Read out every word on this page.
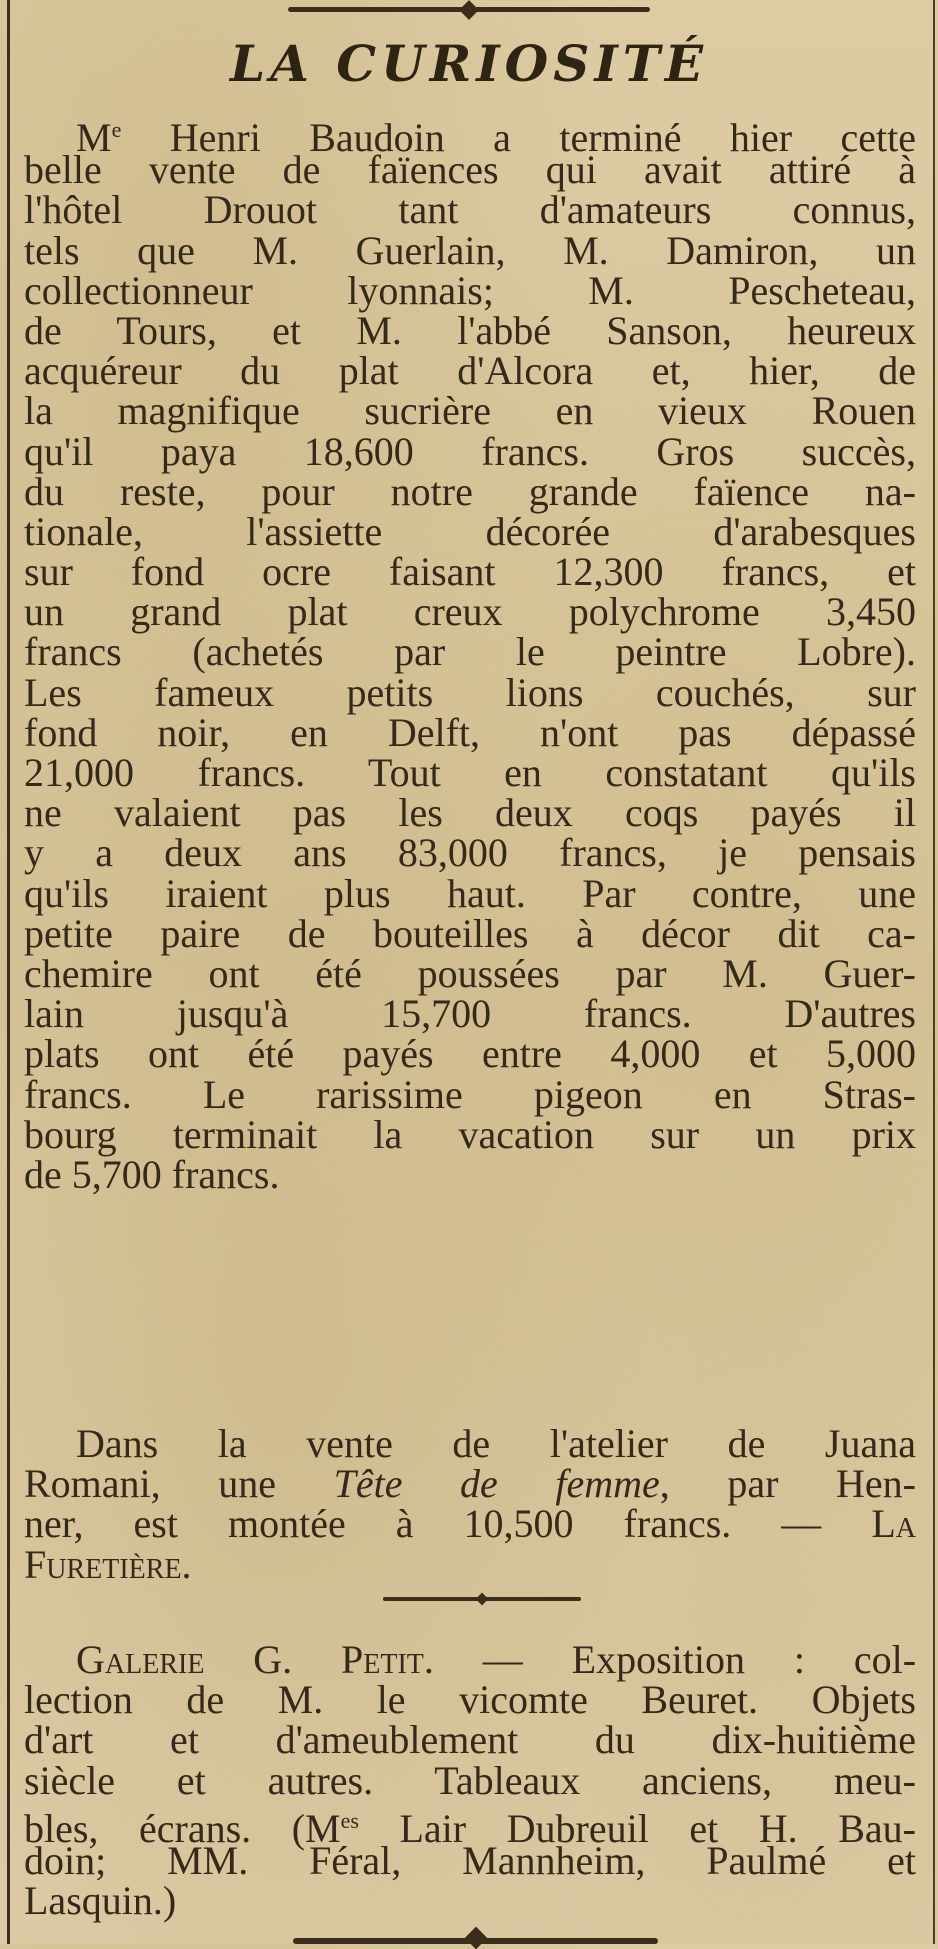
LA CURIOSITÉ
Me Henri Baudoin a terminé hier cette
belle vente de faïences qui avait attiré à
l'hôtel Drouot tant d'amateurs connus,
tels que M. Guerlain, M. Damiron, un
collectionneur lyonnais; M. Pescheteau,
de Tours, et M. l'abbé Sanson, heureux
acquéreur du plat d'Alcora et, hier, de
la magnifique sucrière en vieux Rouen
qu'il paya 18,600 francs. Gros succès,
du reste, pour notre grande faïence na-
tionale, l'assiette décorée d'arabesques
sur fond ocre faisant 12,300 francs, et
un grand plat creux polychrome 3,450
francs (achetés par le peintre Lobre).
Les fameux petits lions couchés, sur
fond noir, en Delft, n'ont pas dépassé
21,000 francs. Tout en constatant qu'ils
ne valaient pas les deux coqs payés il
y a deux ans 83,000 francs, je pensais
qu'ils iraient plus haut. Par contre, une
petite paire de bouteilles à décor dit ca-
chemire ont été poussées par M. Guer-
lain jusqu'à 15,700 francs. D'autres
plats ont été payés entre 4,000 et 5,000
francs. Le rarissime pigeon en Stras-
bourg terminait la vacation sur un prix
de 5,700 francs.
Dans la vente de l'atelier de Juana
Romani, une Tête de femme, par Hen-
ner, est montée à 10,500 francs. — La
Furetière.
Galerie G. Petit. — Exposition : col-
lection de M. le vicomte Beuret. Objets
d'art et d'ameublement du dix-huitième
siècle et autres. Tableaux anciens, meu-
bles, écrans. ($M^{es}$ Lair Dubreuil et H. Bau-
doin; MM. Féral, Mannheim, Paulmé et
Lasquin.)
